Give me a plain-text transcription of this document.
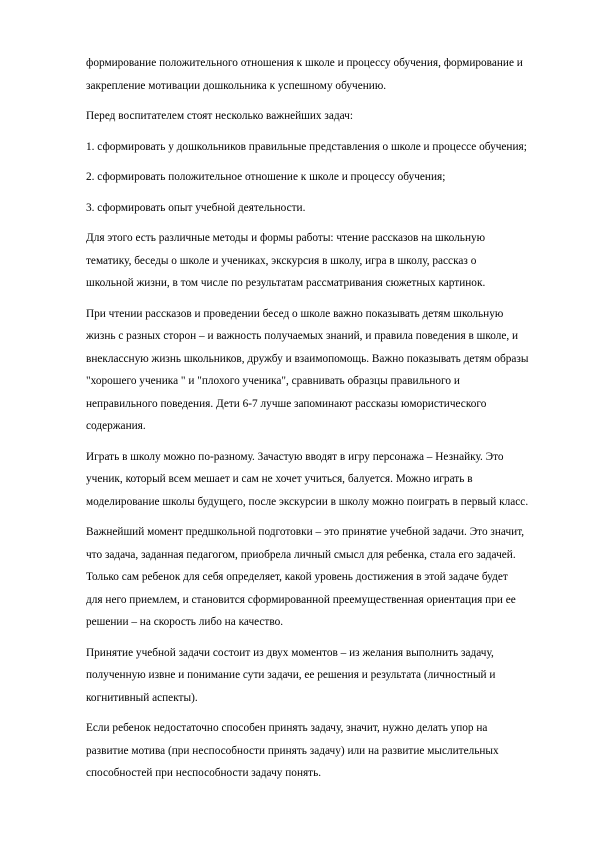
формирование положительного отношения к школе и процессу обучения, формирование и
закрепление мотивации дошкольника к успешному обучению.

Перед воспитателем стоят несколько важнейших задач:

1. сформировать у дошкольников правильные представления о школе и процессе обучения;

2. сформировать положительное отношение к школе и процессу обучения;

3. сформировать опыт учебной деятельности.

Для этого есть различные методы и формы работы: чтение рассказов на школьную
тематику, беседы о школе и учениках, экскурсия в школу, игра в школу, рассказ о
школьной жизни, в том числе по результатам рассматривания сюжетных картинок.

При чтении рассказов и проведении бесед о школе важно показывать детям школьную
жизнь с разных сторон – и важность получаемых знаний, и правила поведения в школе, и
внеклассную жизнь школьников, дружбу и взаимопомощь. Важно показывать детям образы
"хорошего ученика " и "плохого ученика", сравнивать образцы правильного и
неправильного поведения. Дети 6-7 лучше запоминают рассказы юмористического
содержания.

Играть в школу можно по-разному. Зачастую вводят в игру персонажа – Незнайку. Это
ученик, который всем мешает и сам не хочет учиться, балуется. Можно играть в
моделирование школы будущего, после экскурсии в школу можно поиграть в первый класс.

Важнейший момент предшкольной подготовки – это принятие учебной задачи. Это значит,
что задача, заданная педагогом, приобрела личный смысл для ребенка, стала его задачей.
Только сам ребенок для себя определяет, какой уровень достижения в этой задаче будет
для него приемлем, и становится сформированной преемущественная ориентация при ее
решении – на скорость либо на качество.

Принятие учебной задачи состоит из двух моментов – из желания выполнить задачу,
полученную извне и понимание сути задачи, ее решения и результата (личностный и
когнитивный аспекты).

Если ребенок недостаточно способен принять задачу, значит, нужно делать упор на
развитие мотива (при неспособности принять задачу) или на развитие мыслительных
способностей при неспособности задачу понять.
